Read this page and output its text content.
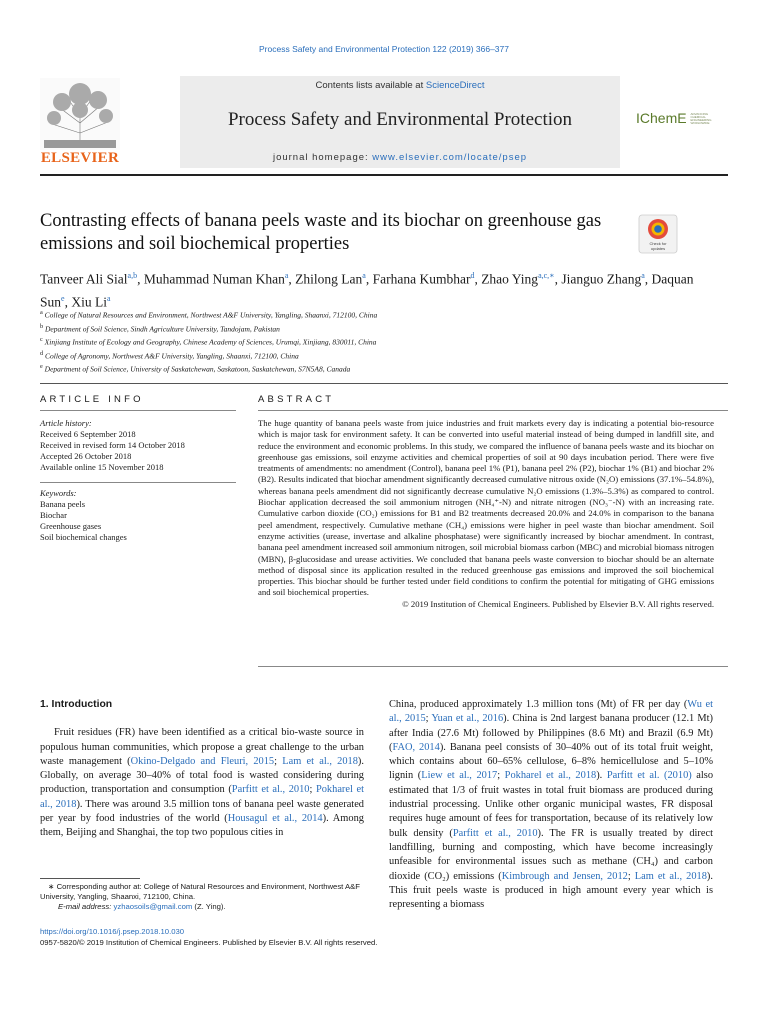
Process Safety and Environmental Protection 122 (2019) 366–377
ELSEVIER
Contents lists available at ScienceDirect
Process Safety and Environmental Protection
journal homepage: www.elsevier.com/locate/psep
IChemE ADVANCING CHEMICAL ENGINEERING WORLDWIDE
Contrasting effects of banana peels waste and its biochar on greenhouse gas emissions and soil biochemical properties	Check for updates
Tanveer Ali Sial$^{a,b}$, Muhammad Numan Khan$^a$, Zhilong Lan$^a$, Farhana Kumbhar$^d$, Zhao Ying$^{a,c,∗}$, Jianguo Zhang$^a$, Daquan Sun$^e$, Xiu Li$^a$
$^a$ College of Natural Resources and Environment, Northwest A&F University, Yangling, Shaanxi, 712100, China
$^b$ Department of Soil Science, Sindh Agriculture University, Tandojam, Pakistan
$^c$ Xinjiang Institute of Ecology and Geography, Chinese Academy of Sciences, Urumqi, Xinjiang, 830011, China
$^d$ College of Agronomy, Northwest A&F University, Yangling, Shaanxi, 712100, China
$^e$ Department of Soil Science, University of Saskatchewan, Saskatoon, Saskatchewan, S7N5A8, Canada
ARTICLE INFO	ABSTRACT
Article history:
Received 6 September 2018
Received in revised form 14 October 2018
Accepted 26 October 2018
Available online 15 November 2018
Keywords:
Banana peels
Biochar
Greenhouse gases
Soil biochemical changes
The huge quantity of banana peels waste from juice industries and fruit markets every day is indicating a potential bio-resource which is major task for environment safety. It can be converted into useful material instead of being dumped in landfill site, and reduce the environment and economic problems. In this study, we compared the influence of banana peels waste and its biochar on greenhouse gas emissions, soil enzyme activities and chemical properties of soil at 90 days incubation period. There were five treatments of amendments: no amendment (Control), banana peel 1% (P1), banana peel 2% (P2), biochar 1% (B1) and biochar 2% (B2). Results indicated that biochar amendment significantly decreased cumulative nitrous oxide (N₂O) emissions (37.1%–54.8%), whereas banana peels amendment did not significantly decrease cumulative N₂O emissions (1.3%–5.3%) as compared to control. Biochar application decreased the soil ammonium nitrogen (NH₄⁺-N) and nitrate nitrogen (NO₃⁻-N) with an increasing rate. Cumulative carbon dioxide (CO₂) emissions for B1 and B2 treatments decreased 20.0% and 24.0% in comparison to the banana peel amendment, respectively. Cumulative methane (CH₄) emissions were higher in peel waste than biochar amendment. Soil enzyme activities (urease, invertase and alkaline phosphatase) were significantly increased by biochar amendment. In contrast, banana peel amendment increased soil ammonium nitrogen, soil microbial biomass carbon (MBC) and microbial biomass nitrogen (MBN), β-glucosidase and urease activities. We concluded that banana peels waste conversion to biochar should be an alternate method of disposal since its application resulted in the reduced greenhouse gas emissions and improved the soil biochemical properties. This biochar should be further tested under field conditions to confirm the potential for mitigating of GHG emissions and soil biochemical properties.
© 2019 Institution of Chemical Engineers. Published by Elsevier B.V. All rights reserved.
1. Introduction

Fruit residues (FR) have been identified as a critical bio-waste source in populous human communities, which propose a great challenge to the urban waste management (Okino-Delgado and Fleuri, 2015; Lam et al., 2018). Globally, on average 30–40% of total food is wasted considering during production, transportation and consumption (Parfitt et al., 2010; Pokharel et al., 2018). There was around 3.5 million tons of banana peel waste generated per year by food industries of the world (Housagul et al., 2014). Among them, Beijing and Shanghai, the top two populous cities in

China, produced approximately 1.3 million tons (Mt) of FR per day (Wu et al., 2015; Yuan et al., 2016). China is 2nd largest banana producer (12.1 Mt) after India (27.6 Mt) followed by Philippines (8.6 Mt) and Brazil (6.9 Mt) (FAO, 2014). Banana peel consists of 30–40% out of its total fruit weight, which contains about 60–65% cellulose, 6–8% hemicellulose and 5–10% lignin (Liew et al., 2017; Pokharel et al., 2018). Parfitt et al. (2010) also estimated that 1/3 of fruit wastes in total fruit biomass are produced during industrial processing. Unlike other organic municipal wastes, FR disposal requires huge amount of fees for transportation, because of its relatively low bulk density (Parfitt et al., 2010). The FR is usually treated by direct landfilling, burning and composting, which have become increasingly unfeasible for environmental issues such as methane (CH₄) and carbon dioxide (CO₂) emissions (Kimbrough and Jensen, 2012; Lam et al., 2018). This fruit peels waste is produced in high amount every year which is representing a biomass

∗ Corresponding author at: College of Natural Resources and Environment, Northwest A&F University, Yangling, Shaanxi, 712100, China.
E-mail address: yzhaosoils@gmail.com (Z. Ying).
https://doi.org/10.1016/j.psep.2018.10.030
0957-5820/© 2019 Institution of Chemical Engineers. Published by Elsevier B.V. All rights reserved.
